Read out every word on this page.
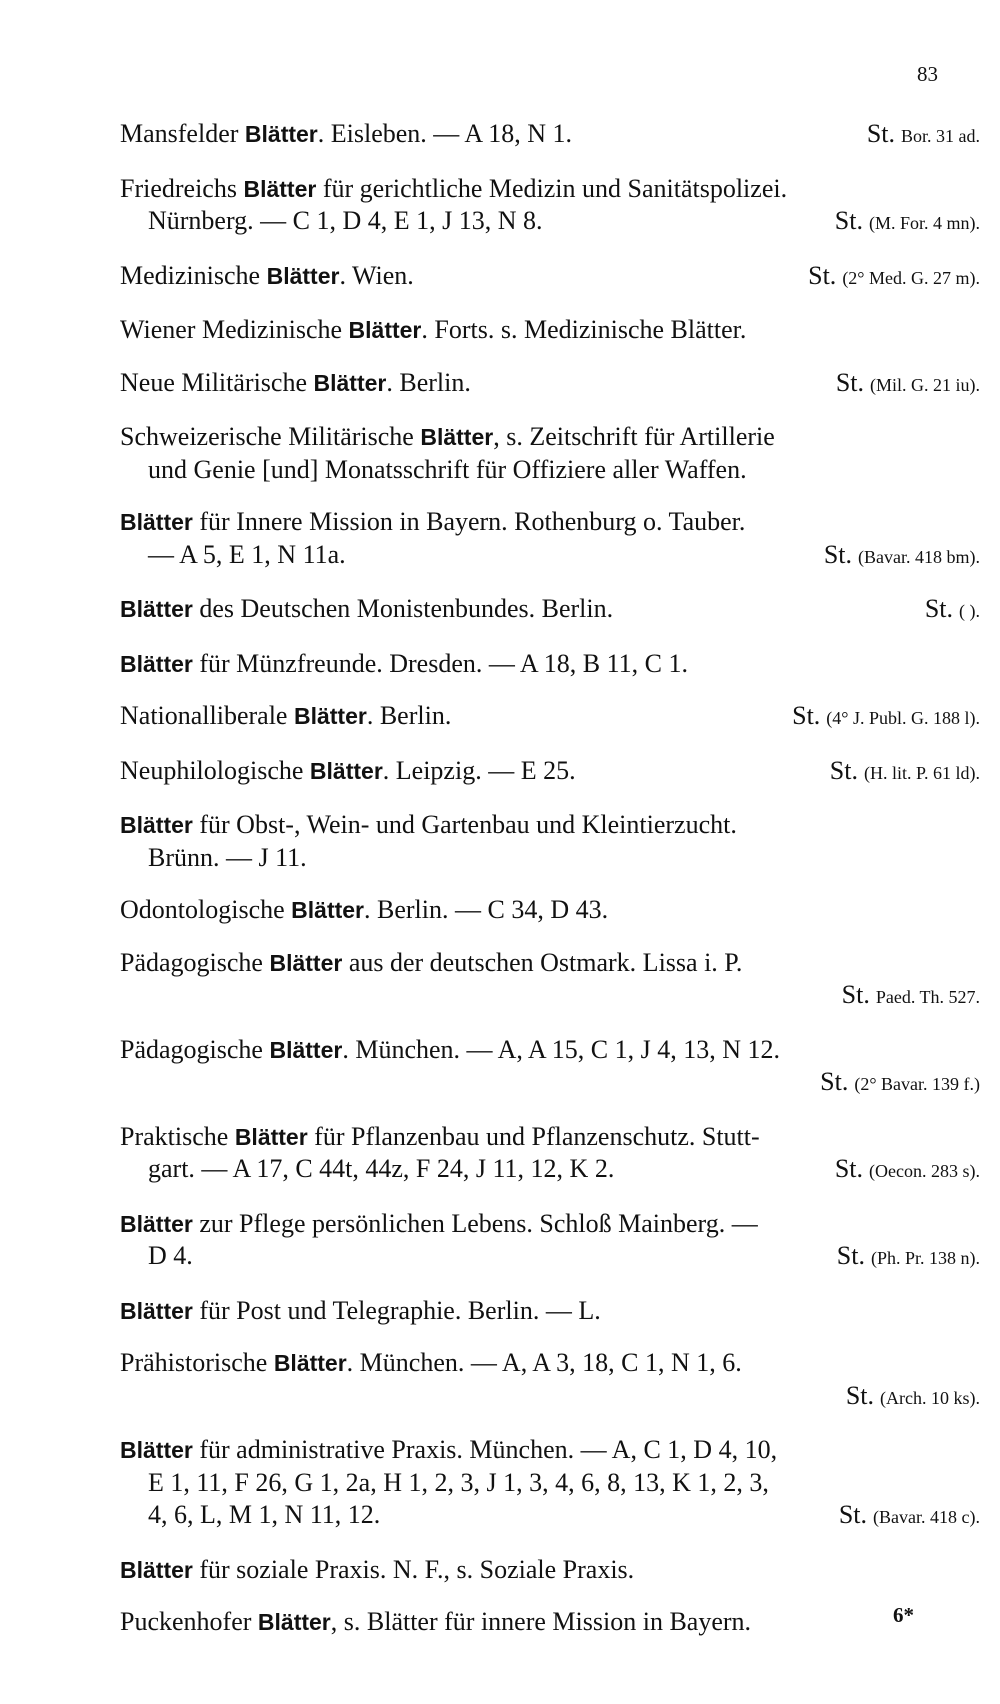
83
Mansfelder Blätter. Eisleben. — A 18, N 1.	St. Bor. 31 ad.
Friedreichs Blätter für gerichtliche Medizin und Sanitätspolizei.
Nürnberg. — C 1, D 4, E 1, J 13, N 8.	St. (M. For. 4 mn).
Medizinische Blätter. Wien.	St. (2° Med. G. 27 m).
Wiener Medizinische Blätter. Forts. s. Medizinische Blätter.
Neue Militärische Blätter. Berlin.	St. (Mil. G. 21 iu).
Schweizerische Militärische Blätter, s. Zeitschrift für Artillerie
und Genie [und] Monatsschrift für Offiziere aller Waffen.
Blätter für Innere Mission in Bayern. Rothenburg o. Tauber.
— A 5, E 1, N 11a.	St. (Bavar. 418 bm).
Blätter des Deutschen Monistenbundes. Berlin.	St. ( ).
Blätter für Münzfreunde. Dresden. — A 18, B 11, C 1.
Nationalliberale Blätter. Berlin.	St. (4° J. Publ. G. 188 l).
Neuphilologische Blätter. Leipzig. — E 25.	St. (H. lit. P. 61 ld).
Blätter für Obst-, Wein- und Gartenbau und Kleintierzucht.
Brünn. — J 11.
Odontologische Blätter. Berlin. — C 34, D 43.
Pädagogische Blätter aus der deutschen Ostmark. Lissa i. P.
St. Paed. Th. 527.
Pädagogische Blätter. München. — A, A 15, C 1, J 4, 13, N 12.
St. (2° Bavar. 139 f.)
Praktische Blätter für Pflanzenbau und Pflanzenschutz. Stutt-
gart. — A 17, C 44t, 44z, F 24, J 11, 12, K 2.	St. (Oecon. 283 s).
Blätter zur Pflege persönlichen Lebens. Schloß Mainberg. —
D 4.	St. (Ph. Pr. 138 n).
Blätter für Post und Telegraphie. Berlin. — L.
Prähistorische Blätter. München. — A, A 3, 18, C 1, N 1, 6.
St. (Arch. 10 ks).
Blätter für administrative Praxis. München. — A, C 1, D 4, 10,
E 1, 11, F 26, G 1, 2a, H 1, 2, 3, J 1, 3, 4, 6, 8, 13, K 1, 2, 3,
4, 6, L, M 1, N 11, 12.	St. (Bavar. 418 c).
Blätter für soziale Praxis. N. F., s. Soziale Praxis.
Puckenhofer Blätter, s. Blätter für innere Mission in Bayern.	6*
